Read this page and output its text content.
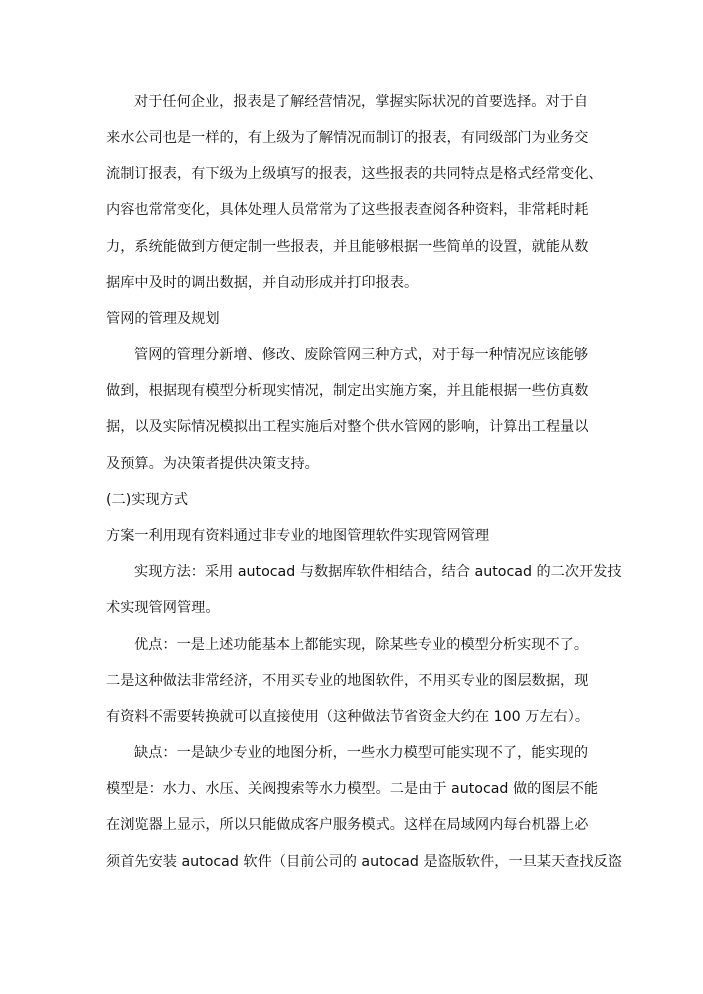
对于任何企业，报表是了解经营情况，掌握实际状况的首要选择。对于自
来水公司也是一样的，有上级为了解情况而制订的报表，有同级部门为业务交
流制订报表，有下级为上级填写的报表，这些报表的共同特点是格式经常变化、
内容也常常变化，具体处理人员常常为了这些报表查阅各种资料，非常耗时耗
力，系统能做到方便定制一些报表，并且能够根据一些简单的设置，就能从数
据库中及时的调出数据，并自动形成并打印报表。
管网的管理及规划
管网的管理分新增、修改、废除管网三种方式，对于每一种情况应该能够
做到，根据现有模型分析现实情况，制定出实施方案，并且能根据一些仿真数
据，以及实际情况模拟出工程实施后对整个供水管网的影响，计算出工程量以
及预算。为决策者提供决策支持。
(二)实现方式
方案一利用现有资料通过非专业的地图管理软件实现管网管理
实现方法：采用 autocad 与数据库软件相结合，结合 autocad 的二次开发技
术实现管网管理。
优点：一是上述功能基本上都能实现，除某些专业的模型分析实现不了。
二是这种做法非常经济，不用买专业的地图软件，不用买专业的图层数据，现
有资料不需要转换就可以直接使用（这种做法节省资金大约在 100 万左右）。
缺点：一是缺少专业的地图分析，一些水力模型可能实现不了，能实现的
模型是：水力、水压、关阀搜索等水力模型。二是由于 autocad 做的图层不能
在浏览器上显示，所以只能做成客户服务模式。这样在局域网内每台机器上必
须首先安装 autocad 软件（目前公司的 autocad 是盗版软件，一旦某天查找反盗
